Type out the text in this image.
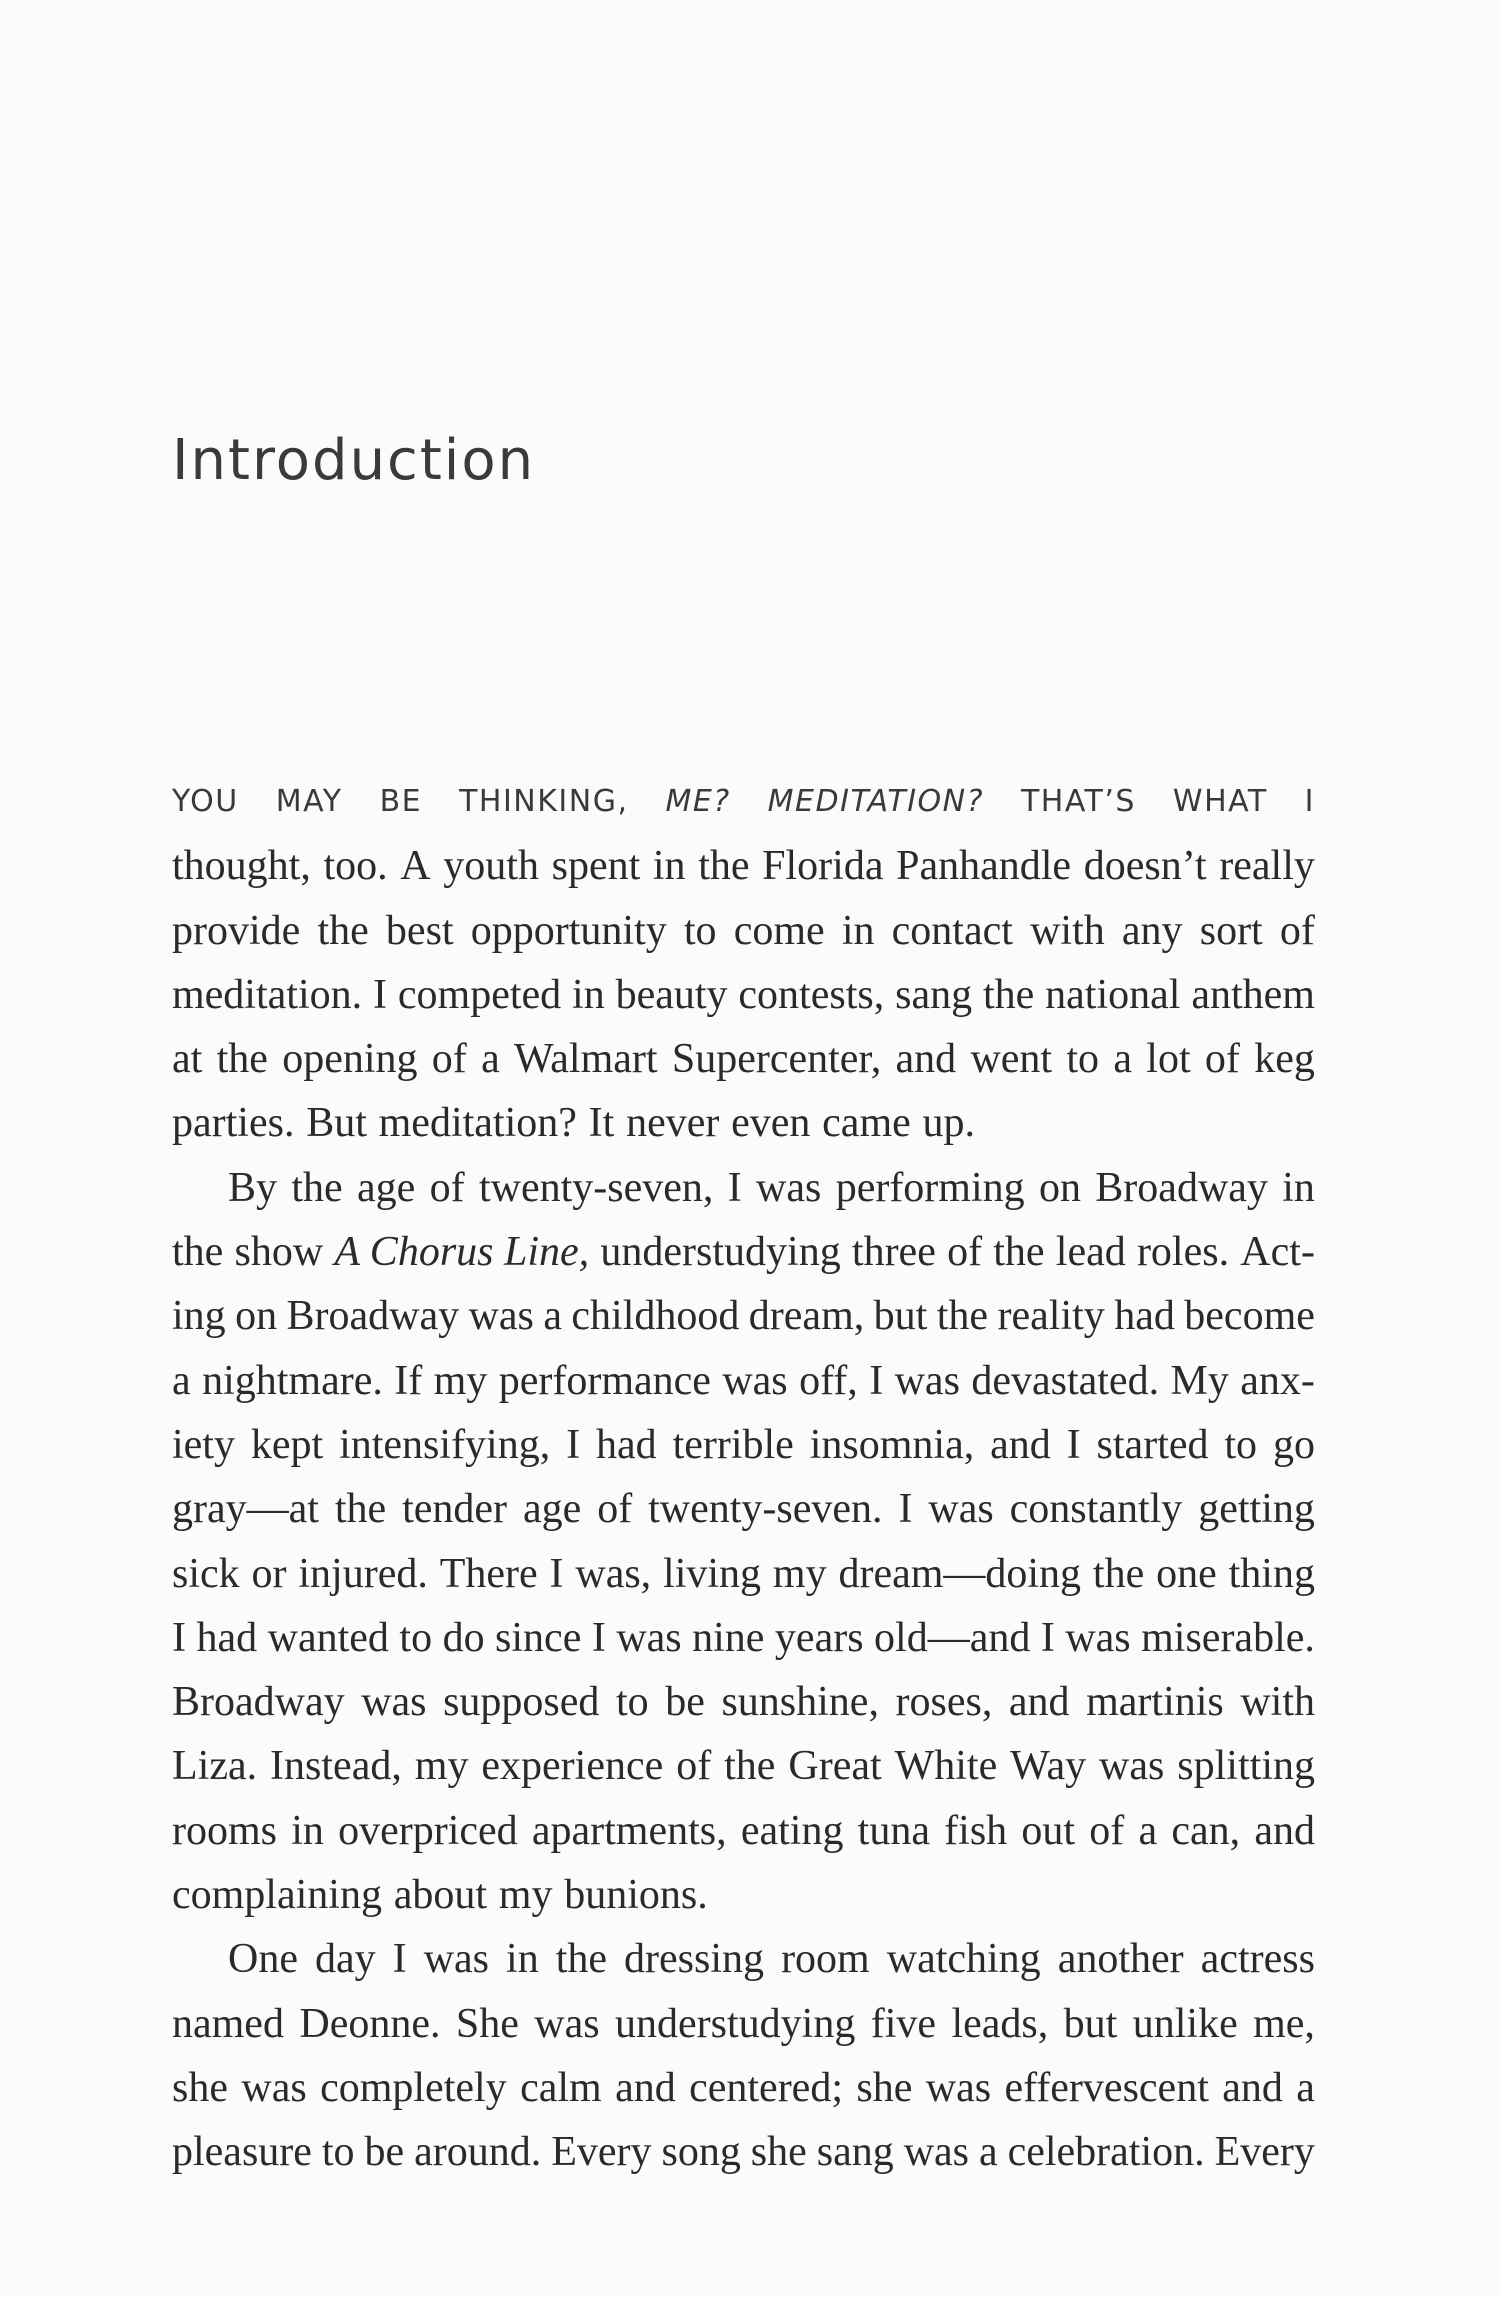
Introduction
YOU MAY BE THINKING, ME? MEDITATION? THAT’S WHAT I
thought, too. A youth spent in the Florida Panhandle doesn’t really
provide the best opportunity to come in contact with any sort of
meditation. I competed in beauty contests, sang the national anthem
at the opening of a Walmart Supercenter, and went to a lot of keg
parties. But meditation? It never even came up.
By the age of twenty-seven, I was performing on Broadway in
the show A Chorus Line, understudying three of the lead roles. Act-
ing on Broadway was a childhood dream, but the reality had become
a nightmare. If my performance was off, I was devastated. My anx-
iety kept intensifying, I had terrible insomnia, and I started to go
gray—at the tender age of twenty-seven. I was constantly getting
sick or injured. There I was, living my dream—doing the one thing
I had wanted to do since I was nine years old—and I was miserable.
Broadway was supposed to be sunshine, roses, and martinis with
Liza. Instead, my experience of the Great White Way was splitting
rooms in overpriced apartments, eating tuna fish out of a can, and
complaining about my bunions.
One day I was in the dressing room watching another actress
named Deonne. She was understudying five leads, but unlike me,
she was completely calm and centered; she was effervescent and a
pleasure to be around. Every song she sang was a celebration. Every
